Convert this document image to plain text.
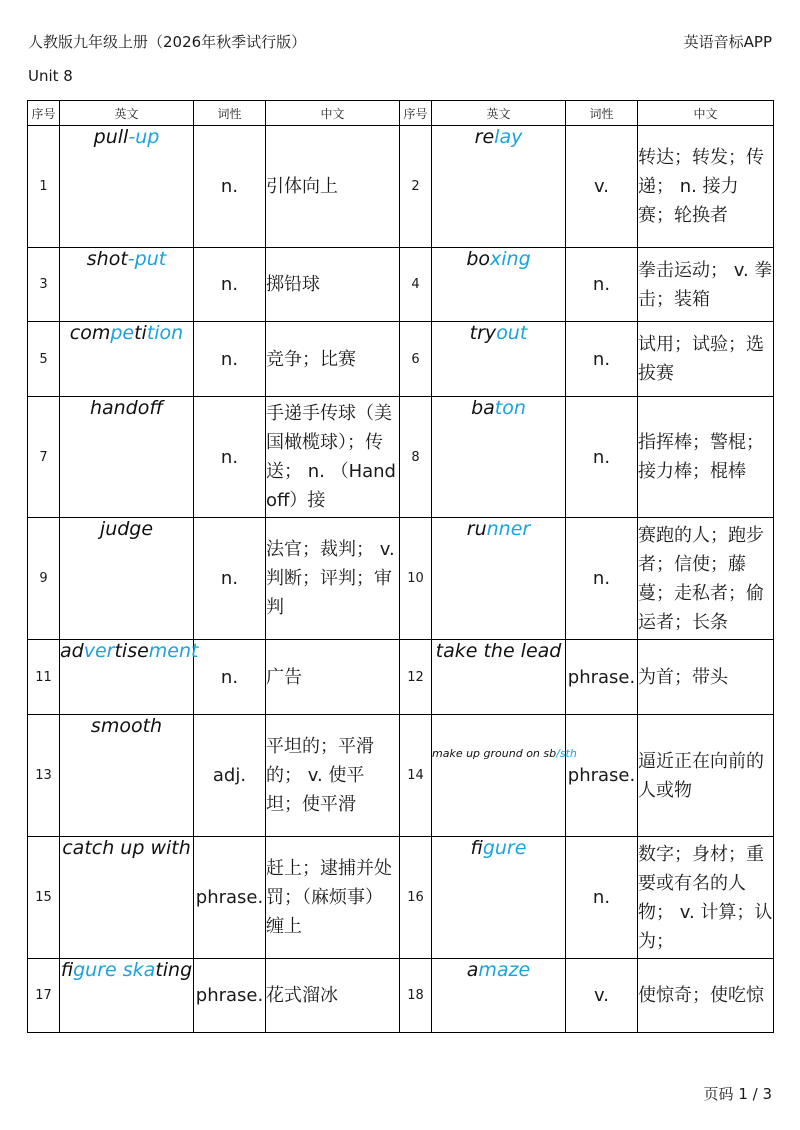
人教版九年级上册（2026年秋季试行版）	英语音标APP
Unit 8
序号	英文	词性	中文	序号	英文	词性	中文
1	pull-up	n.	引体向上	2	relay	v.	转达；转发；传递； n. 接力赛；轮换者

3	shot-put	n.	掷铅球	4	boxing	n.	拳击运动； v. 拳击；装箱

5	competition	n.	竞争；比赛	6	tryout	n.	试用；试验；选拔赛

7	handoff	n.	手递手传球（美国橄榄球）；传送； n. （Handoff）接	8	baton	n.	指挥棒；警棍；接力棒；棍棒

9	judge	n.	法官；裁判； v. 判断；评判；审判	10	runner	n.	赛跑的人；跑步者；信使；藤蔓；走私者；偷运者；长条

11	advertisement	n.	广告	12	take the lead	phrase.	为首；带头

13	smooth	adj.	平坦的；平滑的； v. 使平坦；使平滑	14	make up ground on sb/sth	phrase.	逼近正在向前的人或物

15	catch up with	phrase.	赶上；逮捕并处罚；（麻烦事）缠上	16	figure	n.	数字；身材；重要或有名的人物； v. 计算；认为；

17	figure skating	phrase.	花式溜冰	18	amaze	v.	使惊奇；使吃惊
页码 1 / 3
